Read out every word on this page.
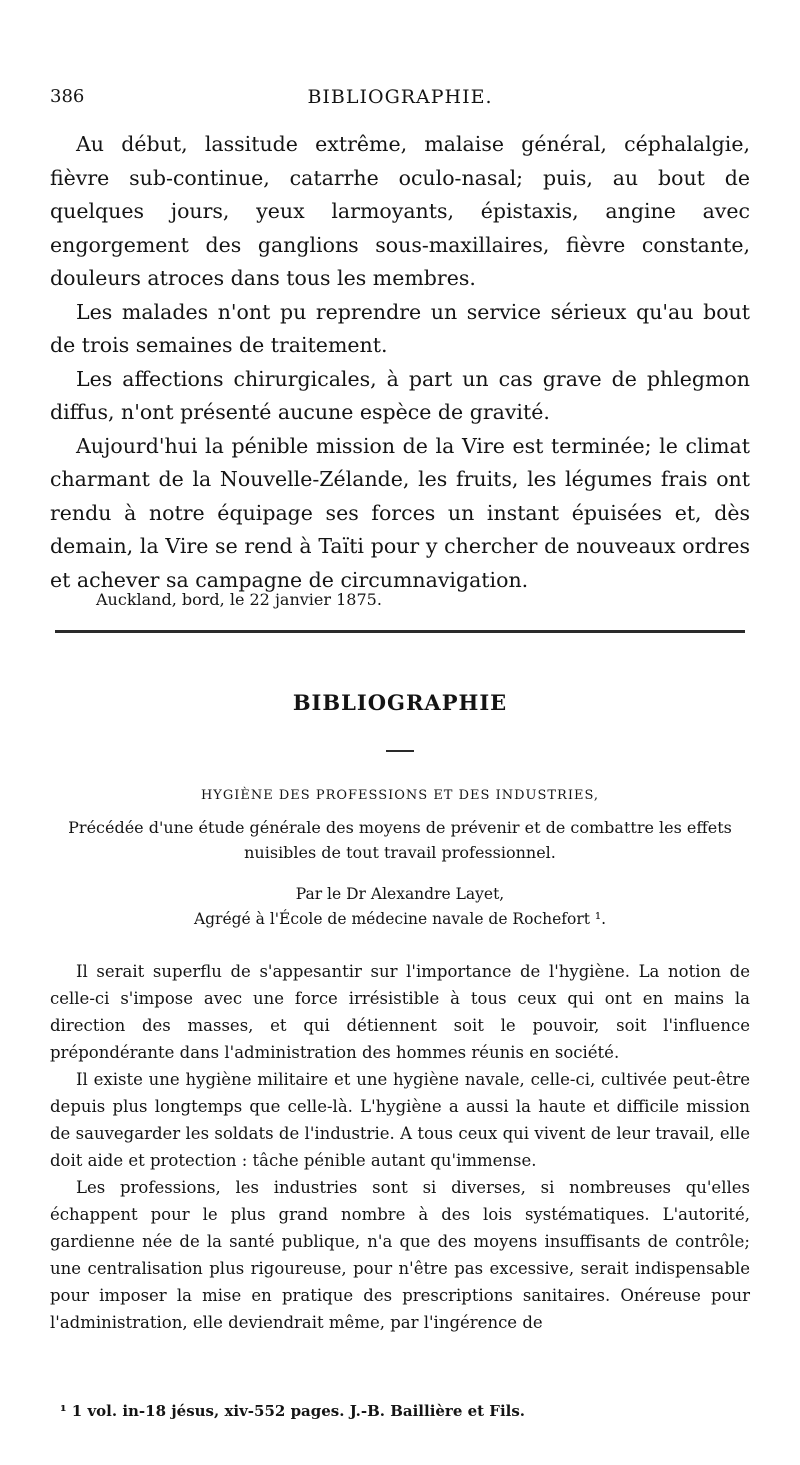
386	BIBLIOGRAPHIE.

Au début, lassitude extrême, malaise général, céphalalgie, fièvre sub-continue, catarrhe oculo-nasal; puis, au bout de quelques jours, yeux larmoyants, épistaxis, angine avec engorgement des ganglions sous-maxillaires, fièvre constante, douleurs atroces dans tous les membres.

Les malades n'ont pu reprendre un service sérieux qu'au bout de trois semaines de traitement.

Les affections chirurgicales, à part un cas grave de phlegmon diffus, n'ont présenté aucune espèce de gravité.

Aujourd'hui la pénible mission de la Vire est terminée; le climat charmant de la Nouvelle-Zélande, les fruits, les légumes frais ont rendu à notre équipage ses forces un instant épuisées et, dès demain, la Vire se rend à Taïti pour y chercher de nouveaux ordres et achever sa campagne de circumnavigation.

Auckland, bord, le 22 janvier 1875.
BIBLIOGRAPHIE
HYGIÈNE DES PROFESSIONS ET DES INDUSTRIES,
Précédée d'une étude générale des moyens de prévenir et de combattre les effets nuisibles de tout travail professionnel.
Par le Dr Alexandre Layet,
Agrégé à l'École de médecine navale de Rochefort ¹.

Il serait superflu de s'appesantir sur l'importance de l'hygiène. La notion de celle-ci s'impose avec une force irrésistible à tous ceux qui ont en mains la direction des masses, et qui détiennent soit le pouvoir, soit l'influence prépondérante dans l'administration des hommes réunis en société.

Il existe une hygiène militaire et une hygiène navale, celle-ci, cultivée peut-être depuis plus longtemps que celle-là. L'hygiène a aussi la haute et difficile mission de sauvegarder les soldats de l'industrie. A tous ceux qui vivent de leur travail, elle doit aide et protection : tâche pénible autant qu'immense.

Les professions, les industries sont si diverses, si nombreuses qu'elles échappent pour le plus grand nombre à des lois systématiques. L'autorité, gardienne née de la santé publique, n'a que des moyens insuffisants de contrôle; une centralisation plus rigoureuse, pour n'être pas excessive, serait indispensable pour imposer la mise en pratique des prescriptions sanitaires. Onéreuse pour l'administration, elle deviendrait même, par l'ingérence de

¹ 1 vol. in-18 jésus, xiv-552 pages. J.-B. Baillière et Fils.
